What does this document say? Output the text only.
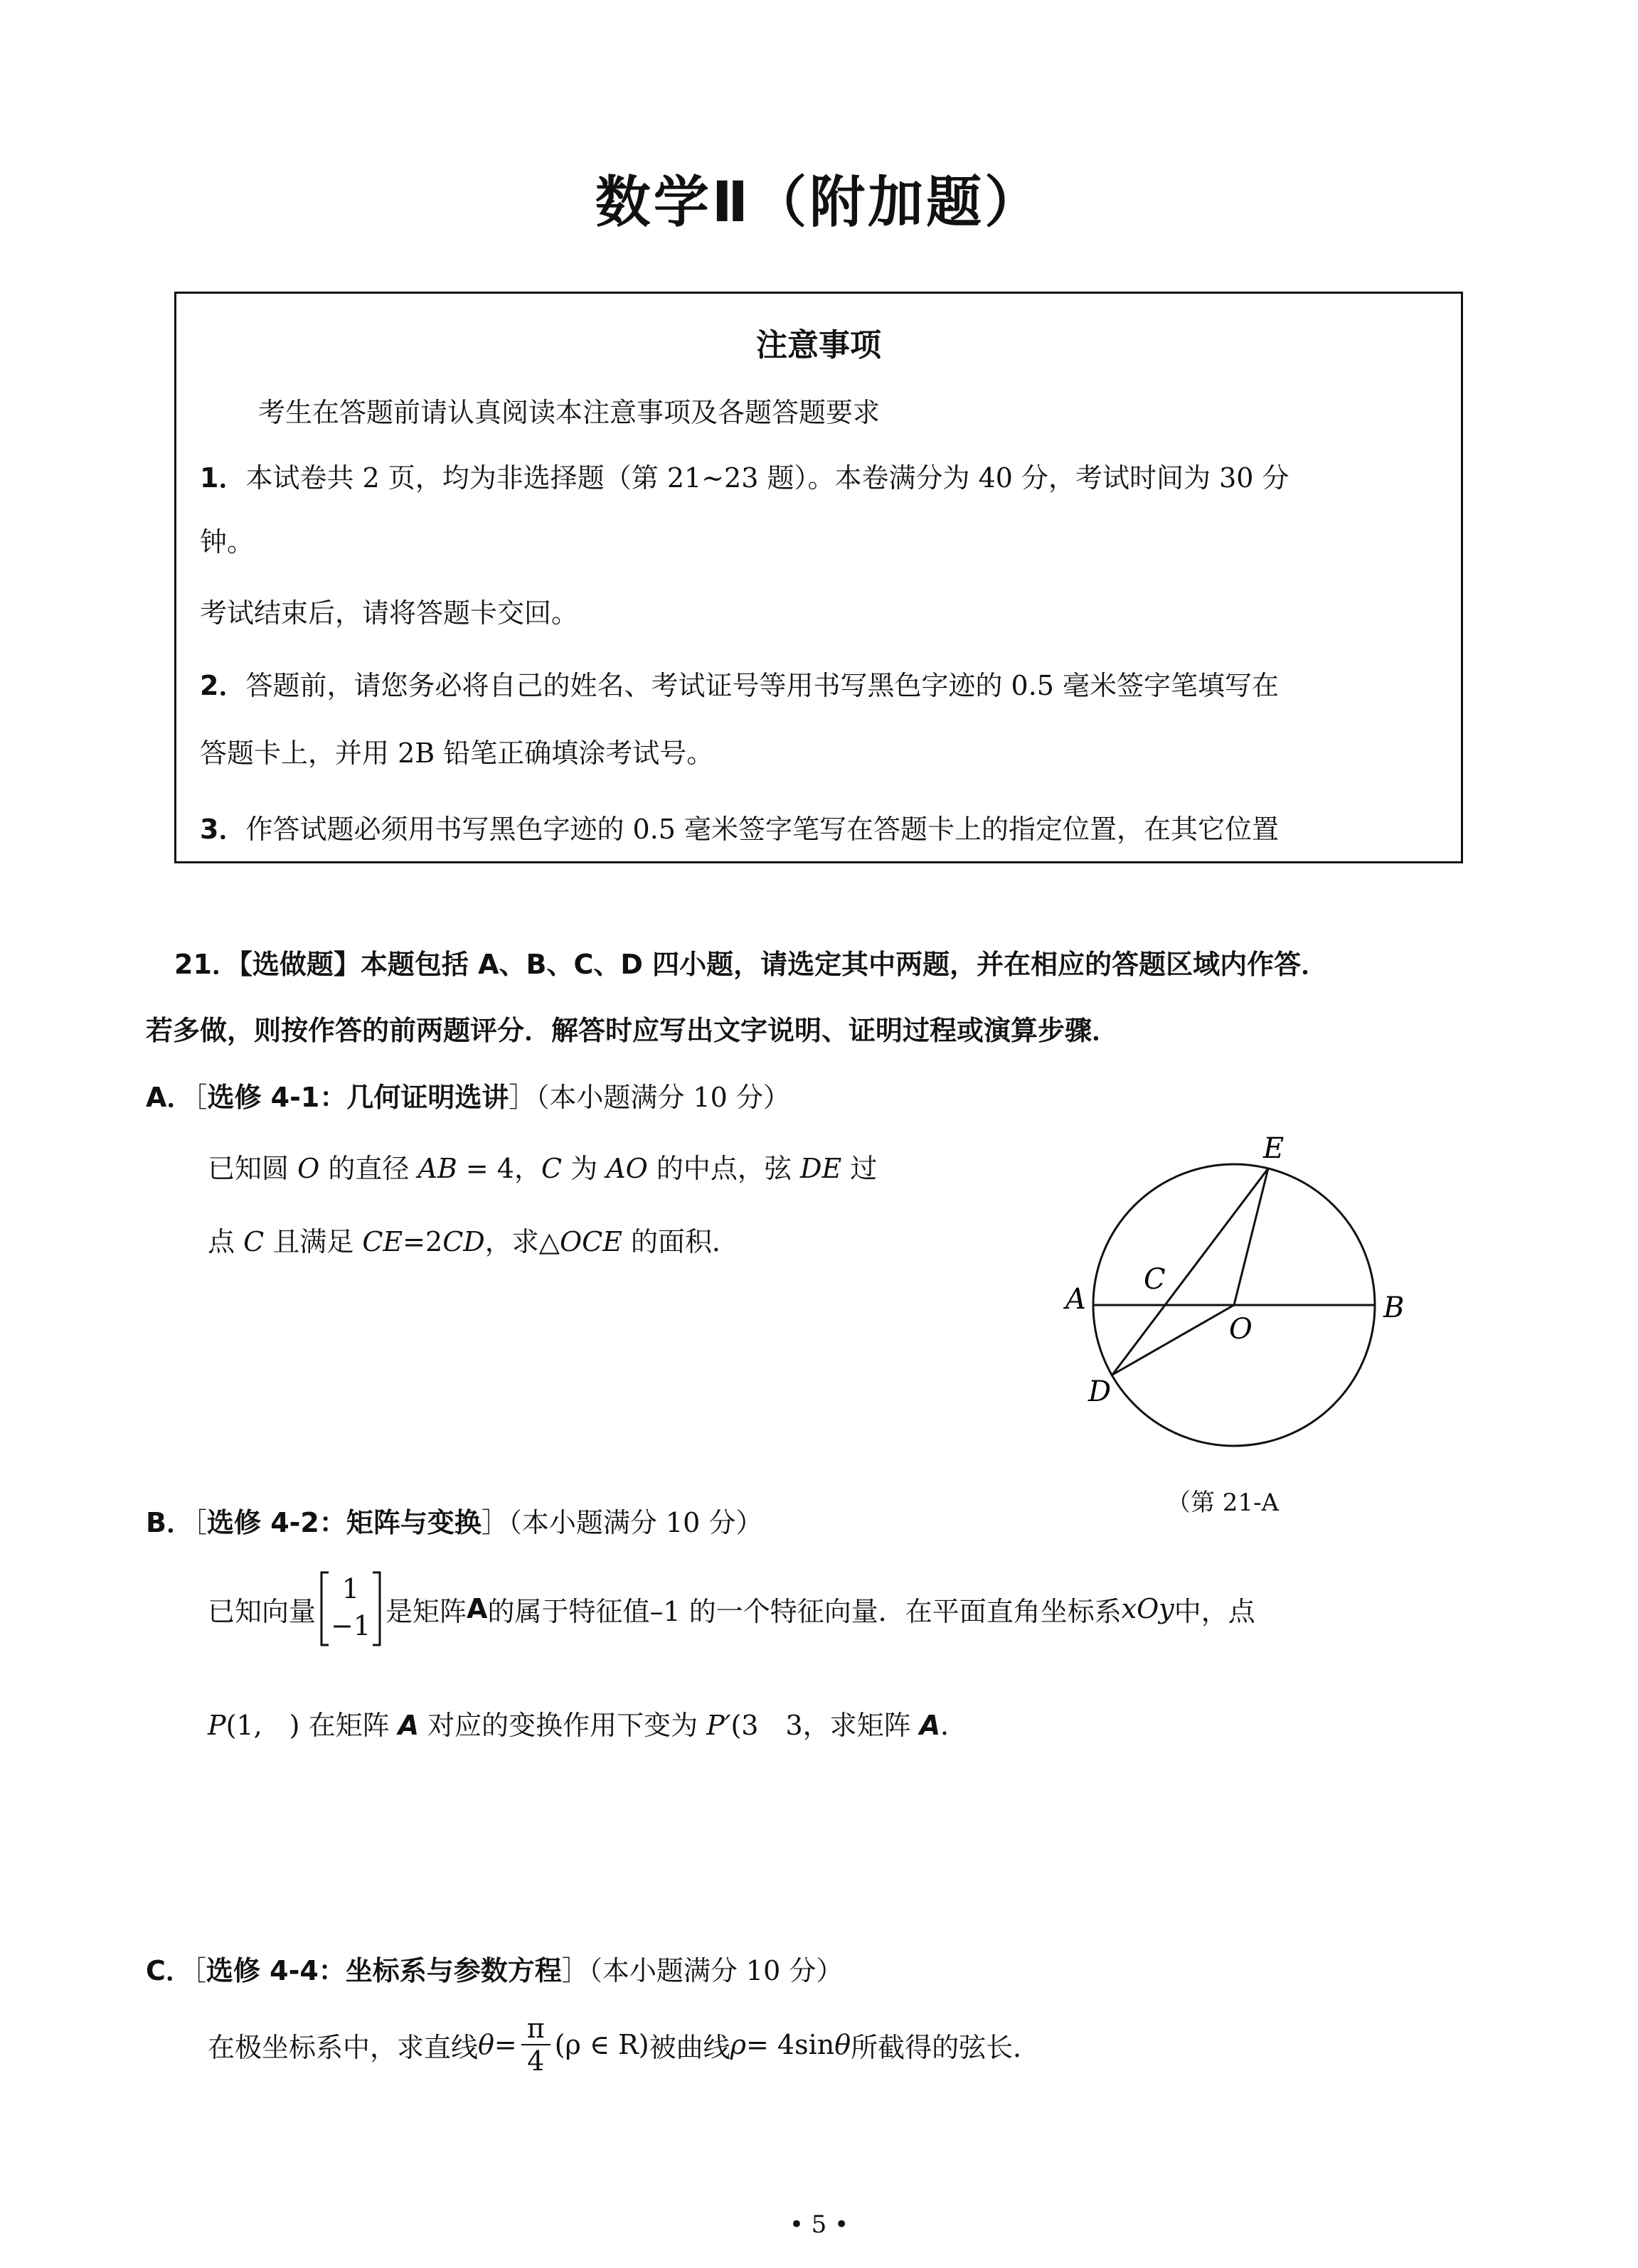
数学Ⅱ（附加题）
注意事项
考生在答题前请认真阅读本注意事项及各题答题要求
1．本试卷共 2 页，均为非选择题（第 21~23 题）。本卷满分为 40 分，考试时间为 30 分
钟。
考试结束后，请将答题卡交回。
2．答题前，请您务必将自己的姓名、考试证号等用书写黑色字迹的 0.5 毫米签字笔填写在
答题卡上，并用 2B 铅笔正确填涂考试号。
3．作答试题必须用书写黑色字迹的 0.5 毫米签字笔写在答题卡上的指定位置，在其它位置
21．【选做题】本题包括 A、B、C、D 四小题，请选定其中两题，并在相应的答题区域内作答．
若多做，则按作答的前两题评分．解答时应写出文字说明、证明过程或演算步骤．
A．［选修 4-1：几何证明选讲］（本小题满分 10 分）
已知圆 O 的直径 AB = 4，C 为 AO 的中点，弦 DE 过
点 C 且满足 CE=2CD，求△OCE 的面积．
E
A	B
C
O
D
（第 21-A
B．［选修 4-2：矩阵与变换］（本小题满分 10 分）
已知向量
1
−1 是矩阵 A 的属于特征值–1 的一个特征向量．在平面直角坐标系 xOy 中，点
P(1,　) 在矩阵 A 对应的变换作用下变为 P′(3　3，求矩阵 A．
C．［选修 4-4：坐标系与参数方程］（本小题满分 10 分）
在极坐标系中，求直线 $\theta = \frac{\pi}{4} (\rho$ ∈ R) 被曲线 ρ = 4sin θ 所截得的弦长．
• 5 •
